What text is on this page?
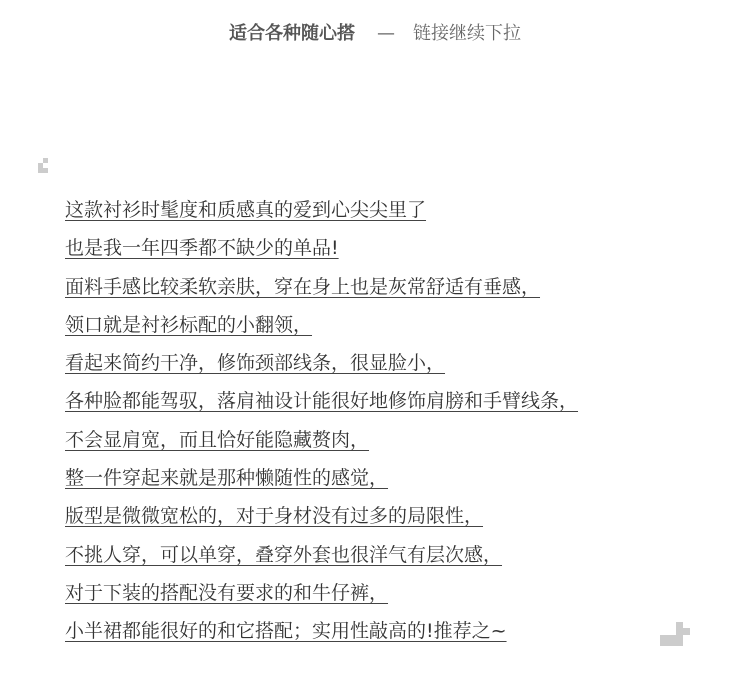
适合各种随心搭 — 链接继续下拉
这款衬衫时髦度和质感真的爱到心尖尖里了
也是我一年四季都不缺少的单品!
面料手感比较柔软亲肤，穿在身上也是灰常舒适有垂感，
领口就是衬衫标配的小翻领，
看起来简约干净，修饰颈部线条，很显脸小，
各种脸都能驾驭，落肩袖设计能很好地修饰肩膀和手臂线条，
不会显肩宽，而且恰好能隐藏赘肉，
整一件穿起来就是那种懒随性的感觉，
版型是微微宽松的，对于身材没有过多的局限性，
不挑人穿，可以单穿，叠穿外套也很洋气有层次感，
对于下装的搭配没有要求的和牛仔裤，
小半裙都能很好的和它搭配；实用性敲高的!推荐之~
